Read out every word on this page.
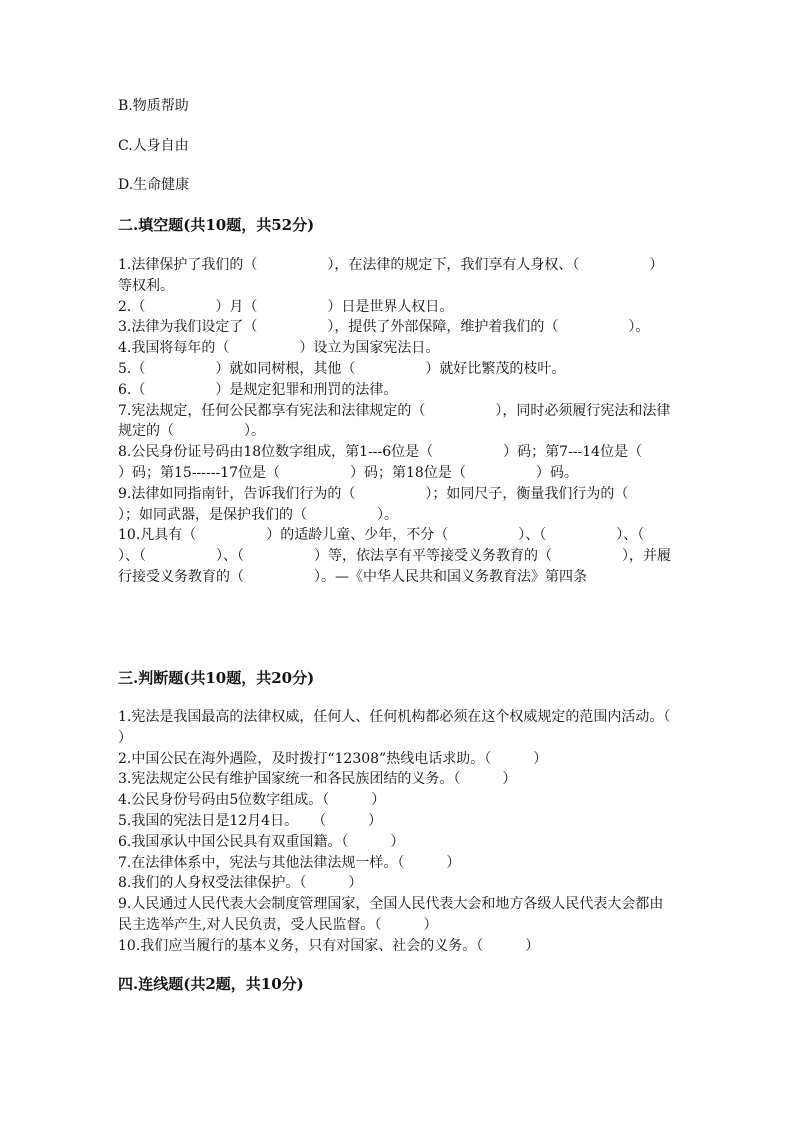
B.物质帮助
C.人身自由
D.生命健康
二.填空题(共10题，共52分)

1.法律保护了我们的（　　　　　），在法律的规定下，我们享有人身权、（　　　　　）等权利。

2.（　　　　　）月（　　　　　）日是世界人权日。

3.法律为我们设定了（　　　　　），提供了外部保障，维护着我们的（　　　　　）。

4.我国将每年的（　　　　　）设立为国家宪法日。

5.（　　　　　）就如同树根，其他（　　　　　）就好比繁茂的枝叶。

6.（　　　　　）是规定犯罪和刑罚的法律。

7.宪法规定，任何公民都享有宪法和法律规定的（　　　　　），同时必须履行宪法和法律规定的（　　　　　）。

8.公民身份证号码由18位数字组成，第1---6位是（　　　　　）码；第7---14位是（　　　　　）码；第15------17位是（　　　　　）码；第18位是（　　　　　）码。

9.法律如同指南针，告诉我们行为的（　　　　　）；如同尺子，衡量我们行为的（　　　　　）；如同武器，是保护我们的（　　　　　）。

10.凡具有（　　　　　）的适龄儿童、少年，不分（　　　　　）、（　　　　　）、（　　　　　）、（　　　　　）、（　　　　　）等，依法享有平等接受义务教育的（　　　　　），并履行接受义务教育的（　　　　　）。—《中华人民共和国义务教育法》第四条

三.判断题(共10题，共20分)

1.宪法是我国最高的法律权威，任何人、任何机构都必须在这个权威规定的范围内活动。（　　　）

2.中国公民在海外遇险，及时拨打“12308”热线电话求助。（　　　）

3.宪法规定公民有维护国家统一和各民族团结的义务。（　　　）

4.公民身份号码由5位数字组成。（　　　）

5.我国的宪法日是12月4日。　　（　　　）

6.我国承认中国公民具有双重国籍。（　　　）

7.在法律体系中，宪法与其他法律法规一样。（　　　）

8.我们的人身权受法律保护。（　　　）

9.人民通过人民代表大会制度管理国家，全国人民代表大会和地方各级人民代表大会都由民主选举产生,对人民负责，受人民监督。（　　　）

10.我们应当履行的基本义务，只有对国家、社会的义务。（　　　）

四.连线题(共2题，共10分)
